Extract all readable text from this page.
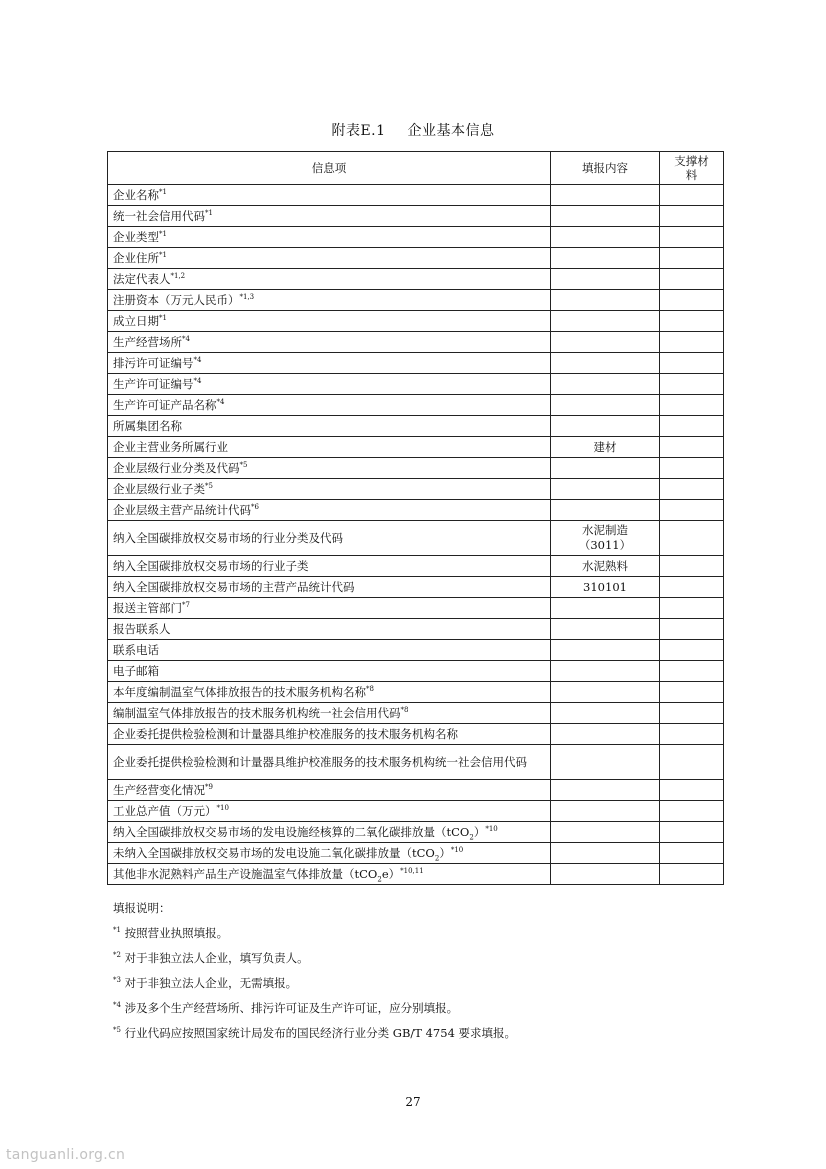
附表E.1 企业基本信息
信息项	填报内容	支撑材料
企业名称$^{*1}$		
统一社会信用代码$^{*1}$		
企业类型$^{*1}$		
企业住所$^{*1}$		
法定代表人$^{*1,2}$		
注册资本（万元人民币）$^{*1,3}$		
成立日期$^{*1}$		
生产经营场所$^{*4}$		
排污许可证编号$^{*4}$		
生产许可证编号$^{*4}$		
生产许可证产品名称$^{*4}$		
所属集团名称		
企业主营业务所属行业	建材	

企业层级行业分类及代码$^{*5}$		
企业层级行业子类$^{*5}$		
企业层级主营产品统计代码$^{*6}$		
纳入全国碳排放权交易市场的行业分类及代码	水泥制造
（3011）	

纳入全国碳排放权交易市场的行业子类	水泥熟料	

纳入全国碳排放权交易市场的主营产品统计代码	310101	

报送主管部门$^{*7}$		
报告联系人		
联系电话		
电子邮箱		
本年度编制温室气体排放报告的技术服务机构名称$^{*8}$		
编制温室气体排放报告的技术服务机构统一社会信用代码$^{*8}$		
企业委托提供检验检测和计量器具维护校准服务的技术服务机构名称		
企业委托提供检验检测和计量器具维护校准服务的技术服务机构统一社会信用代码		
生产经营变化情况$^{*9}$		
工业总产值（万元）$^{*10}$		
纳入全国碳排放权交易市场的发电设施经核算的二氧化碳排放量$(tCO_2)^{*10}$		
未纳入全国碳排放权交易市场的发电设施二氧化碳排放量$(tCO_2)^{*10}$		
其他非水泥熟料产品生产设施温室气体排放量$(tCO_2e)^{*10,11}$		
填报说明：
$^{*1}$ 按照营业执照填报。
$^{*2}$ 对于非独立法人企业，填写负责人。
$^{*3}$ 对于非独立法人企业，无需填报。
$^{*4}$ 涉及多个生产经营场所、排污许可证及生产许可证，应分别填报。
$^{*5}$ 行业代码应按照国家统计局发布的国民经济行业分类 GB/T 4754 要求填报。
27
tanguanli.org.cn
